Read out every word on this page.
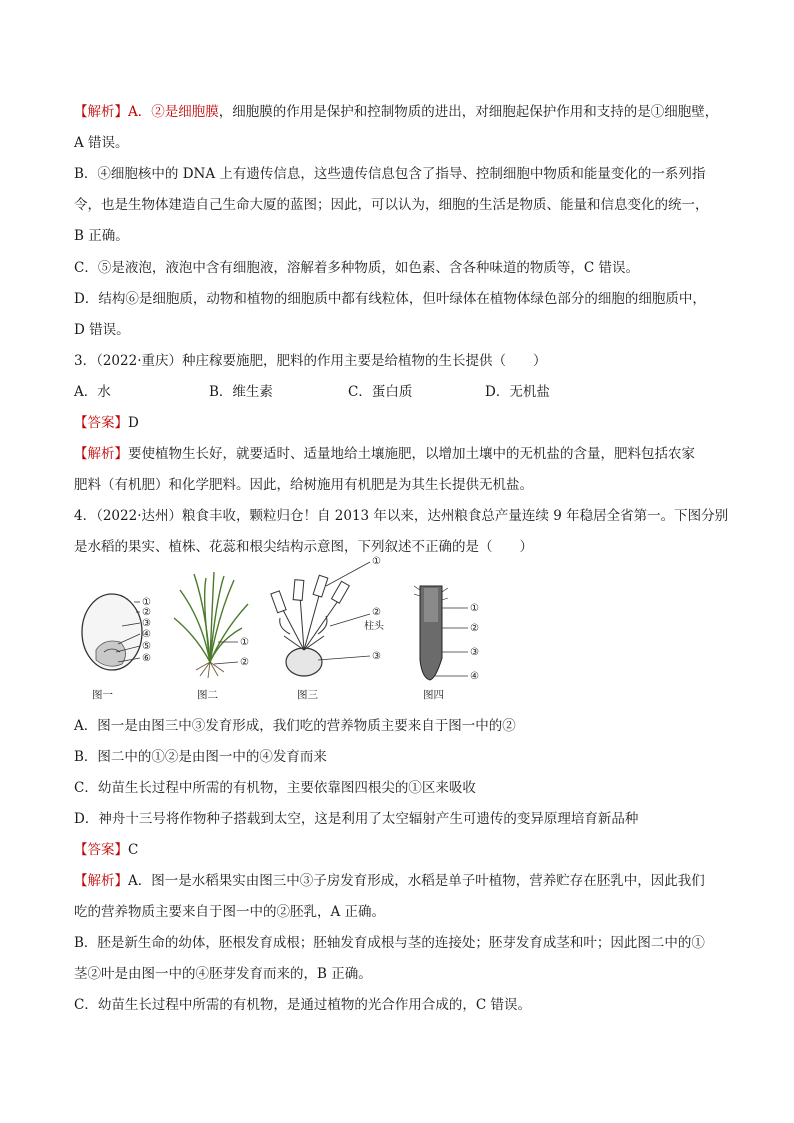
【解析】A．②是细胞膜，细胞膜的作用是保护和控制物质的进出，对细胞起保护作用和支持的是①细胞壁，
A 错误。
B．④细胞核中的 DNA 上有遗传信息，这些遗传信息包含了指导、控制细胞中物质和能量变化的一系列指
令，也是生物体建造自己生命大厦的蓝图；因此，可以认为，细胞的生活是物质、能量和信息变化的统一，
B 正确。
C．⑤是液泡，液泡中含有细胞液，溶解着多种物质，如色素、含各种味道的物质等，C 错误。
D．结构⑥是细胞质，动物和植物的细胞质中都有线粒体，但叶绿体在植物体绿色部分的细胞的细胞质中，
D 错误。
3．（2022·重庆）种庄稼要施肥，肥料的作用主要是给植物的生长提供（　　）
A．水	B．维生素	C．蛋白质	D．无机盐
【答案】D
【解析】要使植物生长好，就要适时、适量地给土壤施肥，以增加土壤中的无机盐的含量，肥料包括农家
肥料（有机肥）和化学肥料。因此，给树施用有机肥是为其生长提供无机盐。
4．（2022·达州）粮食丰收，颗粒归仓！自 2013 年以来，达州粮食总产量连续 9 年稳居全省第一。下图分别
是水稻的果实、植株、花蕊和根尖结构示意图，下列叙述不正确的是（　　）
①
②
③
④
⑤
⑥
图一
①
②
图二
①
②
柱头
③
图三
①
②
③
④
图四
A．图一是由图三中③发育形成，我们吃的营养物质主要来自于图一中的②
B．图二中的①②是由图一中的④发育而来
C．幼苗生长过程中所需的有机物，主要依靠图四根尖的①区来吸收
D．神舟十三号将作物种子搭载到太空，这是利用了太空辐射产生可遗传的变异原理培育新品种
【答案】C
【解析】A．图一是水稻果实由图三中③子房发育形成，水稻是单子叶植物，营养贮存在胚乳中，因此我们
吃的营养物质主要来自于图一中的②胚乳，A 正确。
B．胚是新生命的幼体，胚根发育成根；胚轴发育成根与茎的连接处；胚芽发育成茎和叶；因此图二中的①
茎②叶是由图一中的④胚芽发育而来的，B 正确。
C．幼苗生长过程中所需的有机物，是通过植物的光合作用合成的，C 错误。
